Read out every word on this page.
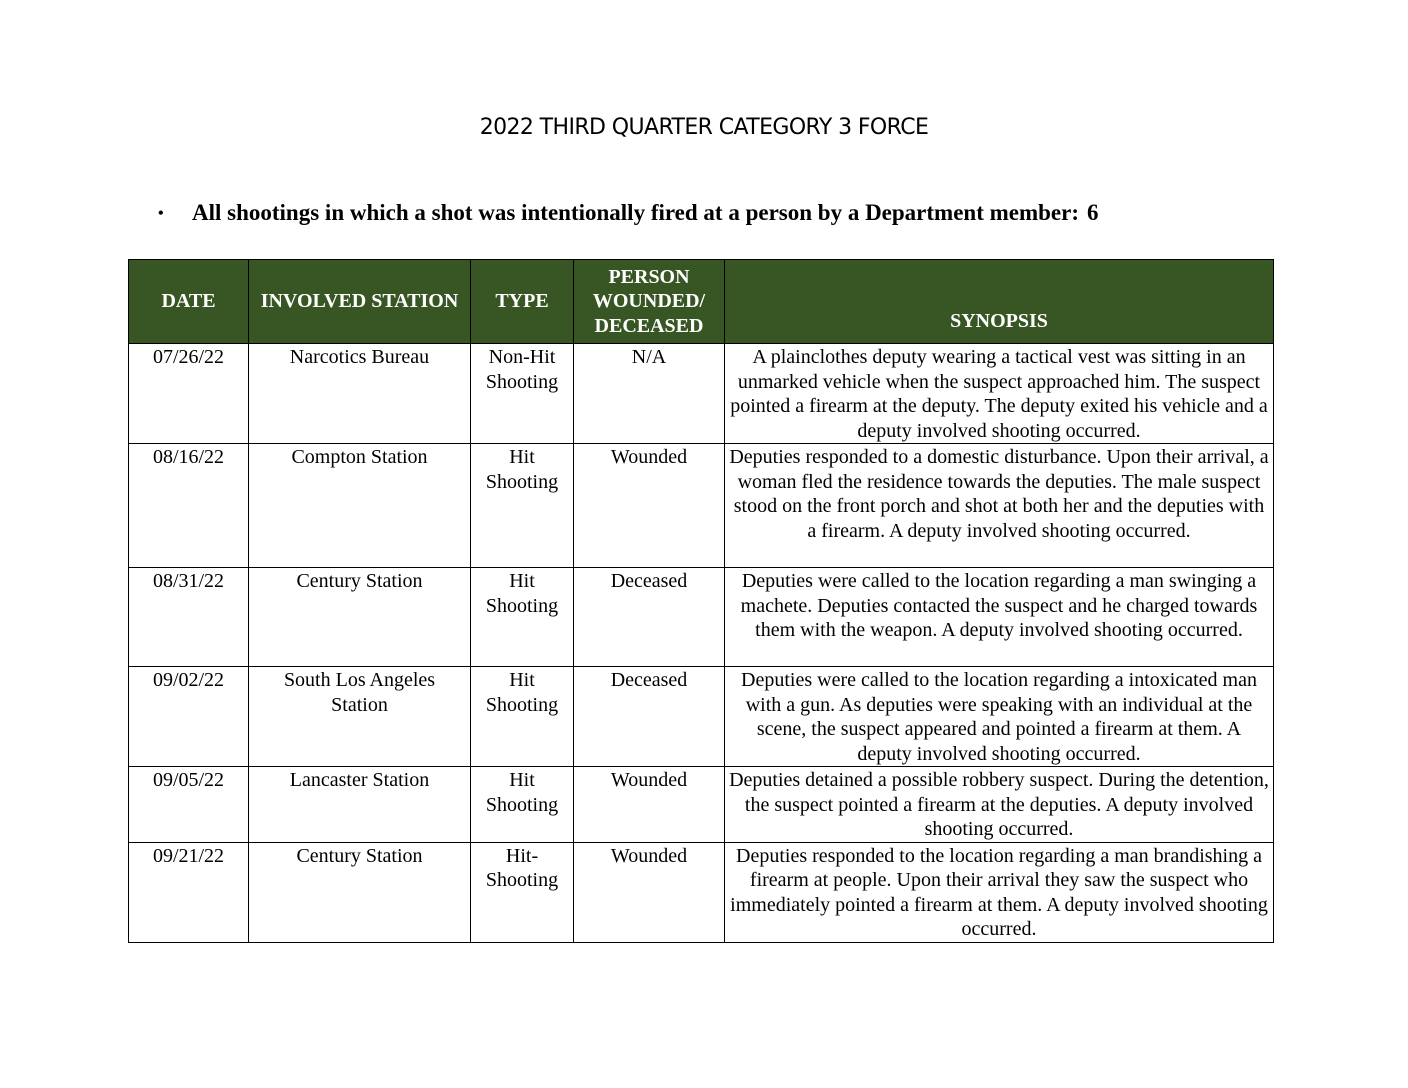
2022 THIRD QUARTER CATEGORY 3 FORCE
• All shootings in which a shot was intentionally fired at a person by a Department member: 6
DATE	INVOLVED STATION	TYPE	PERSON WOUNDED/ DECEASED	SYNOPSIS
07/26/22	Narcotics Bureau	Non-Hit Shooting	N/A	A plainclothes deputy wearing a tactical vest was sitting in an unmarked vehicle when the suspect approached him. The suspect pointed a firearm at the deputy. The deputy exited his vehicle and a deputy involved shooting occurred.
08/16/22	Compton Station	Hit Shooting	Wounded	Deputies responded to a domestic disturbance. Upon their arrival, a woman fled the residence towards the deputies. The male suspect stood on the front porch and shot at both her and the deputies with a firearm. A deputy involved shooting occurred.
08/31/22	Century Station	Hit Shooting	Deceased	Deputies were called to the location regarding a man swinging a machete. Deputies contacted the suspect and he charged towards them with the weapon. A deputy involved shooting occurred.
09/02/22	South Los Angeles Station	Hit Shooting	Deceased	Deputies were called to the location regarding a intoxicated man with a gun. As deputies were speaking with an individual at the scene, the suspect appeared and pointed a firearm at them. A deputy involved shooting occurred.
09/05/22	Lancaster Station	Hit Shooting	Wounded	Deputies detained a possible robbery suspect. During the detention, the suspect pointed a firearm at the deputies. A deputy involved shooting occurred.
09/21/22	Century Station	Hit- Shooting	Wounded	Deputies responded to the location regarding a man brandishing a firearm at people. Upon their arrival they saw the suspect who immediately pointed a firearm at them. A deputy involved shooting occurred.
